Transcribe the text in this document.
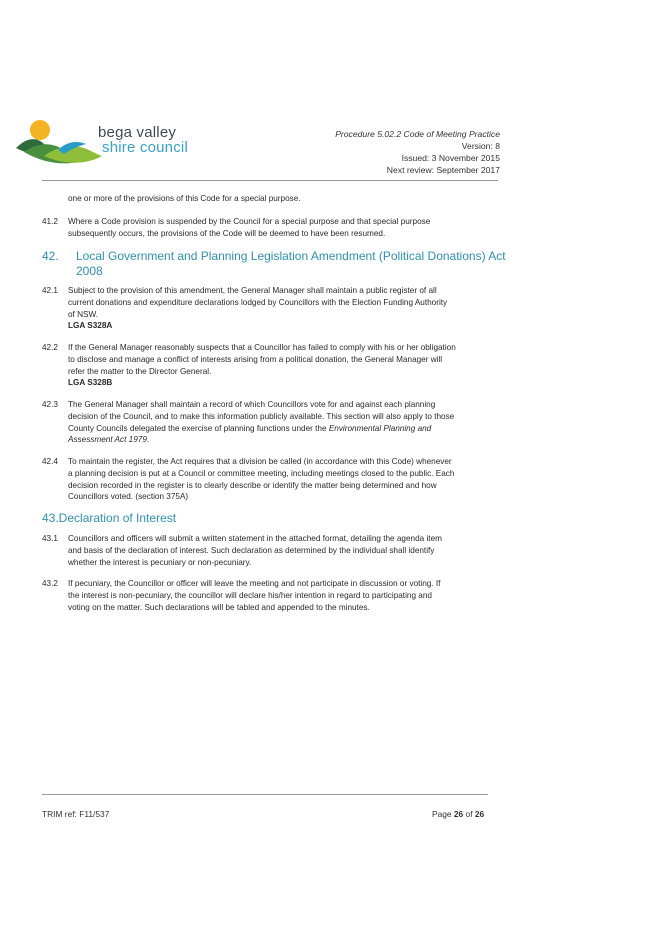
bega valley
shire council
Procedure 5.02.2 Code of Meeting Practice
Version: 8
Issued: 3 November 2015
Next review: September 2017
one or more of the provisions of this Code for a special purpose.
41.2 Where a Code provision is suspended by the Council for a special purpose and that special purpose
subsequently occurs, the provisions of the Code will be deemed to have been resumed.
42. Local Government and Planning Legislation Amendment (Political Donations) Act
2008
42.1 Subject to the provision of this amendment, the General Manager shall maintain a public register of all
current donations and expenditure declarations lodged by Councillors with the Election Funding Authority
of NSW.
LGA S328A
42.2 If the General Manager reasonably suspects that a Councillor has failed to comply with his or her obligation
to disclose and manage a conflict of interests arising from a political donation, the General Manager will
refer the matter to the Director General.
LGA S328B
42.3 The General Manager shall maintain a record of which Councillors vote for and against each planning
decision of the Council, and to make this information publicly available. This section will also apply to those
County Councils delegated the exercise of planning functions under the Environmental Planning and
Assessment Act 1979.
42.4 To maintain the register, the Act requires that a division be called (in accordance with this Code) whenever
a planning decision is put at a Council or committee meeting, including meetings closed to the public. Each
decision recorded in the register is to clearly describe or identify the matter being determined and how
Councillors voted. (section 375A)
43.Declaration of Interest
43.1 Councillors and officers will submit a written statement in the attached format, detailing the agenda item
and basis of the declaration of interest. Such declaration as determined by the individual shall identify
whether the interest is pecuniary or non-pecuniary.
43.2 If pecuniary, the Councillor or officer will leave the meeting and not participate in discussion or voting. If
the interest is non-pecuniary, the councillor will declare his/her intention in regard to participating and
voting on the matter. Such declarations will be tabled and appended to the minutes.
TRIM ref: F11/537	Page 26 of 26
